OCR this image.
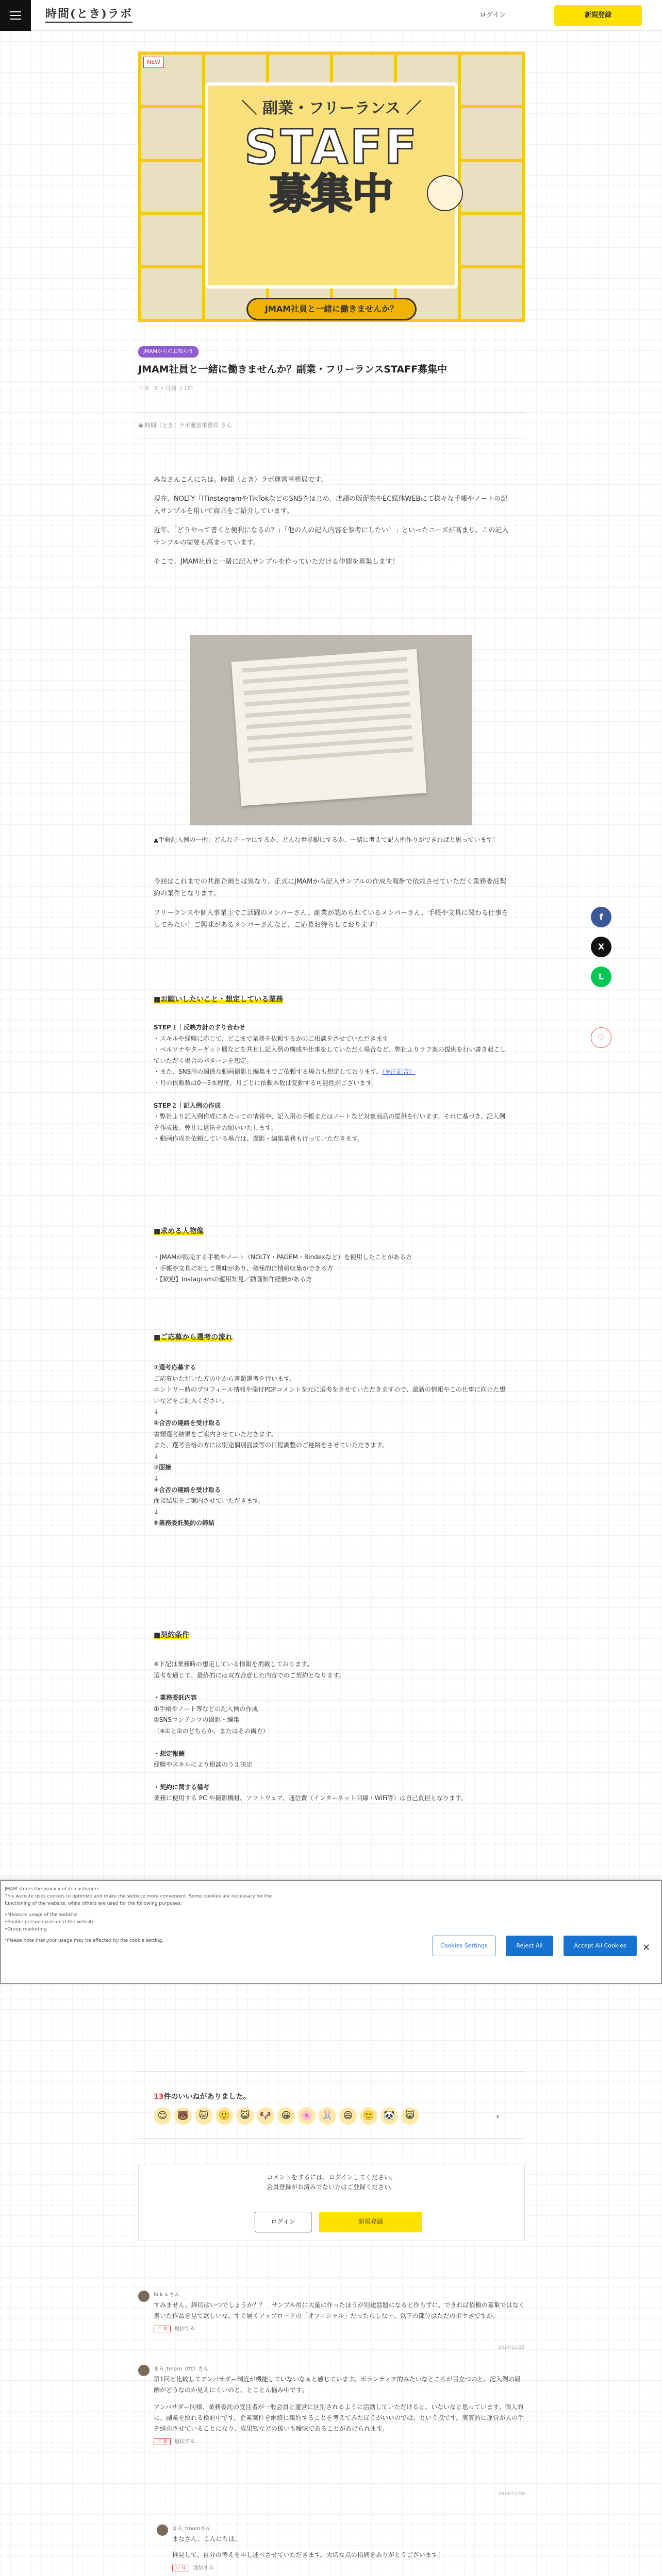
時間(とき)ラボ	ログイン	新規登録
＼ 副業・フリーランス ／
STAFF
募集中
JMAM社員と一緒に働きませんか？
NEW
JMAMからのお知らせ
JMAM社員と一緒に働きませんか？副業・フリーランスSTAFF募集中
♡ 0 3 ヶ月前  / 1件
◉ 時間（とき）ラボ運営事務局 さん

みなさんこんにちは。時間（とき）ラボ運営事務局です。

現在、NOLTY『ITinstagramやTikTokなどのSNSをはじめ、店頭の販促物やEC媒体WEBにて様々な手帳やノートの記入サンプルを用いて商品をご紹介しています。

近年、「どうやって書くと便利になるの？」「他の人の記入内容を参考にしたい！」といったニーズが高まり、この記入サンプルの需要も高まっています。

そこで、JMAM社員と一緒に記入サンプルを作っていただける仲間を募集します！

▲手帳記入例の一例：どんなテーマにするか、どんな世界観にするか、一緒に考えて記入例作りができればと思っています！

今回はこれまでの共創企画とは異なり、正式にJMAMから記入サンプルの作成を報酬で依頼させていただく業務委託契約の案件となります。

フリーランスや個人事業主でご活躍のメンバーさん、副業が認められているメンバーさん、手帳や文具に関わる仕事をしてみたい！ご興味があるメンバーさんなど、ご応募お待ちしております！

f
X
L
♡
■お願いしたいこと・想定している業務
STEP１｜反映方針のすり合わせ
・スキルや経験に応じて、どこまで業務を依頼するかのご相談をさせていただきます
・ペルソナやターゲット層などを共有し記入例の構成や仕事をしていただく場合など、弊社よりラフ案の提供を行い書き起こしていただく場合のパターンを想定。
・また、SNS用の関係な動画撮影と編集までご依頼する場合も想定しております。（※注記含）
・月の依頼数は0〜5本程度。月ごとに依頼本数は変動する可能性がございます。
STEP２｜記入例の作成
・弊社より記入例作成にあたっての情報や、記入用の手帳またはノートなど対象商品の提供を行います。それに基づき、記入例を作成後、弊社に返送をお願いいたします。
・動画作成を依頼している場合は、撮影・編集業務も行っていただきます。
■求める人物像
・JMAMが販売する手帳やノート（NOLTY・PAGEM・Bindexなど）を使用したことがある方
・手帳や文具に対して興味があり、積極的に情報収集ができる方
・【歓迎】Instagramの運用知見／動画制作経験がある方
■ご応募から選考の流れ
①選考応募する
ご応募いただいた方の中から書類選考を行います。
エントリー時のプロフィール情報や添付PDFコメントを元に選考をさせていただきますので、最新の情報やこの仕事に向けた想いなどをご記入ください。
↓
②合否の連絡を受け取る
書類選考結果をご案内させていただきます。
また、選考合格の方には別途個別面談等の日程調整のご連絡をさせていただきます。
↓
③面接
↓
④合否の連絡を受け取る
面接結果をご案内させていただきます。
↓
⑤業務委託契約の締結
■契約条件
※下記は業務時の想定している情報を掲載しております。
選考を通じて、最終的には双方合意した内容でのご契約となります。
・業務委託内容
①手帳やノート等などの記入例の作成
②SNSコンテンツの撮影・編集
（※①と②のどちらか、またはその両方）
・想定報酬
経験やスキルにより相談のうえ決定
・契約に関する備考
業務に使用する PC や撮影機材、ソフトウェア、通信費（インターネット回線・WiFi等）は自己負担となります。
JMAM stores the privacy of its customers.
This website uses cookies to optimize and make the website more convenient. Some cookies are necessary for the
functioning of the website, while others are used for the following purposes:
•Measure usage of the website
•Enable personalization of the website
•Group marketing
*Please note that your usage may be affected by the cookie setting.
Cookies Settings	Reject All	Accept All Cookies	✕
13件のいいねがありました。
😊	🐻	🐱	🙂	😺	🐶	😀	🌸 🐰	😄	🙂 🐼	😸	›
コメントをするには、ログインしてください。
会員登録がお済みでない方はご登録ください。
ログイン	新規登録
hi.k.a.さん
すみません、締切はいつでしょうか？？　サンプル用に大量に作ったほうが別途話題になると作らずに、できれば依頼の募集ではなく書いた作品を見て欲しいな。すぐ届くアップロードの「オフィシャル」だったらしな～、以下の部分はただのボヤきですが。
♡ 0 返信する
2024/11/25
まる_tmoro（ttt）さん
第1回と比較してアンバサダー制度が機能していないなぁと感じています。ボランティア的みたいなところが目立つのと、記入例の報酬がどうなのか見えにくいのと、とことん悩み中です。
アンバサダー同様、業務委託の受注者が一般会員と運営に区別されるように活動していただけると、いないなと思っています。個人的に、副業を絞れる検討中です。企業案件を継続に集約することを考えてみたほうがいいのでは、という点です。実質的に運営が人の手を経由させていることになり、成果物などの扱いも曖昧であることがあげられます。
♡ 0 返信する
2024/11/28
まる_tmoroさん
まなさん、こんにちは。
拝見して、自分の考えを申し述べさせていただきます。大切な点の指摘をありがとうございます！
♡ 0 返信する
